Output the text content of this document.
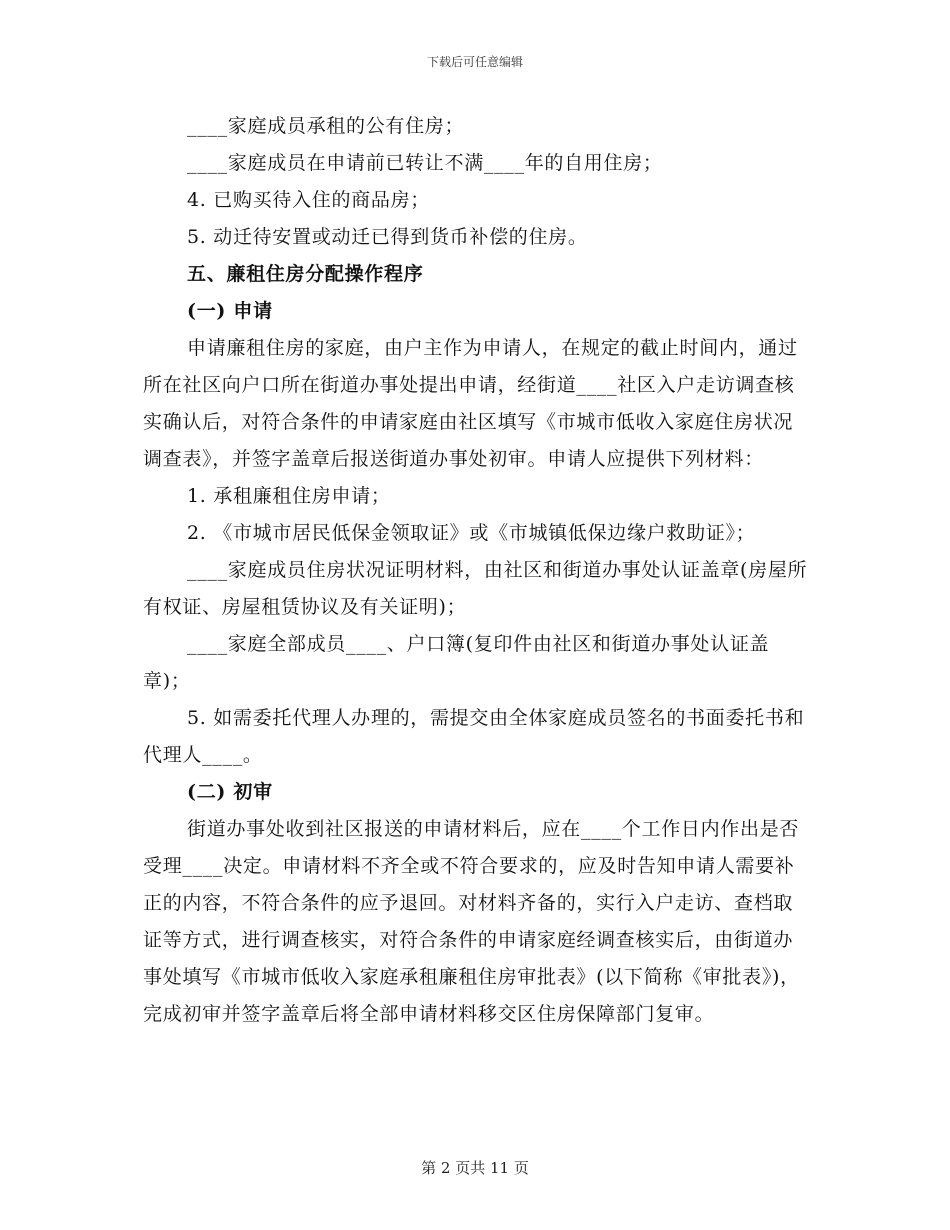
下载后可任意编辑

____家庭成员承租的公有住房；

____家庭成员在申请前已转让不满____年的自用住房；

4. 已购买待入住的商品房；

5. 动迁待安置或动迁已得到货币补偿的住房。

五、廉租住房分配操作程序

(一) 申请

申请廉租住房的家庭，由户主作为申请人，在规定的截止时间内，通过所在社区向户口所在街道办事处提出申请，经街道____社区入户走访调查核实确认后，对符合条件的申请家庭由社区填写《市城市低收入家庭住房状况调查表》，并签字盖章后报送街道办事处初审。申请人应提供下列材料：

1. 承租廉租住房申请；

2. 《市城市居民低保金领取证》或《市城镇低保边缘户救助证》；

____家庭成员住房状况证明材料，由社区和街道办事处认证盖章(房屋所有权证、房屋租赁协议及有关证明)；

____家庭全部成员____、户口簿(复印件由社区和街道办事处认证盖章)；

5. 如需委托代理人办理的，需提交由全体家庭成员签名的书面委托书和代理人____。

(二) 初审

街道办事处收到社区报送的申请材料后，应在____个工作日内作出是否受理____决定。申请材料不齐全或不符合要求的，应及时告知申请人需要补正的内容，不符合条件的应予退回。对材料齐备的，实行入户走访、查档取证等方式，进行调查核实，对符合条件的申请家庭经调查核实后，由街道办事处填写《市城市低收入家庭承租廉租住房审批表》(以下简称《审批表》)，完成初审并签字盖章后将全部申请材料移交区住房保障部门复审。

第 2 页共 11 页
